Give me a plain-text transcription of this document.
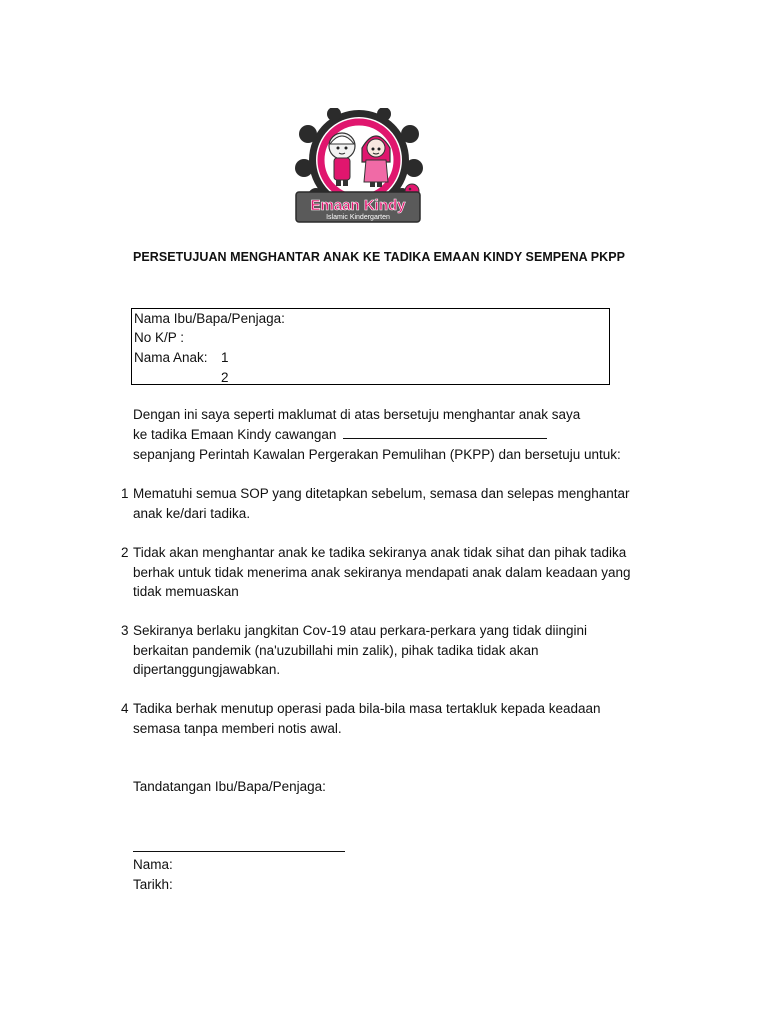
Emaan Kindy
Islamic Kindergarten
PERSETUJUAN MENGHANTAR ANAK KE TADIKA EMAAN KINDY SEMPENA PKPP
Nama Ibu/Bapa/Penjaga:
No K/P :
Nama Anak: 1
2
Dengan ini saya seperti maklumat di atas bersetuju menghantar anak saya
ke tadika Emaan Kindy cawangan
sepanjang Perintah Kawalan Pergerakan Pemulihan (PKPP) dan bersetuju untuk:
1 Mematuhi semua SOP yang ditetapkan sebelum, semasa dan selepas menghantar
anak ke/dari tadika.
2 Tidak akan menghantar anak ke tadika sekiranya anak tidak sihat dan pihak tadika
berhak untuk tidak menerima anak sekiranya mendapati anak dalam keadaan yang
tidak memuaskan
3 Sekiranya berlaku jangkitan Cov-19 atau perkara-perkara yang tidak diingini
berkaitan pandemik (na'uzubillahi min zalik), pihak tadika tidak akan
dipertanggungjawabkan.
4 Tadika berhak menutup operasi pada bila-bila masa tertakluk kepada keadaan
semasa tanpa memberi notis awal.
Tandatangan Ibu/Bapa/Penjaga:
Nama:
Tarikh:
